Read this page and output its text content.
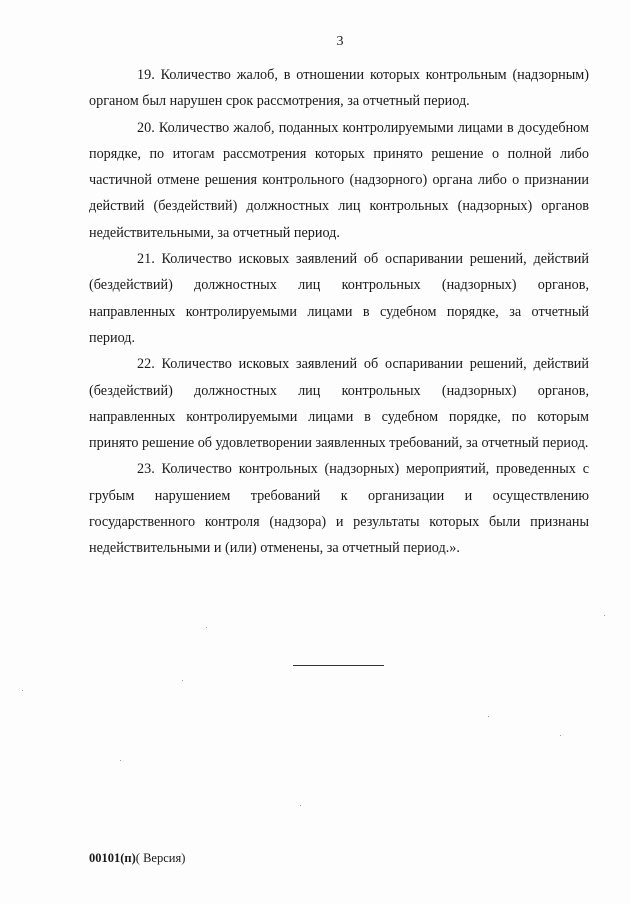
3

19. Количество жалоб, в отношении которых контрольным (надзорным) органом был нарушен срок рассмотрения, за отчетный период.

20. Количество жалоб, поданных контролируемыми лицами в досудебном порядке, по итогам рассмотрения которых принято решение о полной либо частичной отмене решения контрольного (надзорного) органа либо о признании действий (бездействий) должностных лиц контрольных (надзорных) органов недействительными, за отчетный период.

21. Количество исковых заявлений об оспаривании решений, действий (бездействий) должностных лиц контрольных (надзорных) органов, направленных контролируемыми лицами в судебном порядке, за отчетный период.

22. Количество исковых заявлений об оспаривании решений, действий (бездействий) должностных лиц контрольных (надзорных) органов, направленных контролируемыми лицами в судебном порядке, по которым принято решение об удовлетворении заявленных требований, за отчетный период.

23. Количество контрольных (надзорных) мероприятий, проведенных с грубым нарушением требований к организации и осуществлению государственного контроля (надзора) и результаты которых были признаны недействительными и (или) отменены, за отчетный период.».

00101(п)( Версия)
